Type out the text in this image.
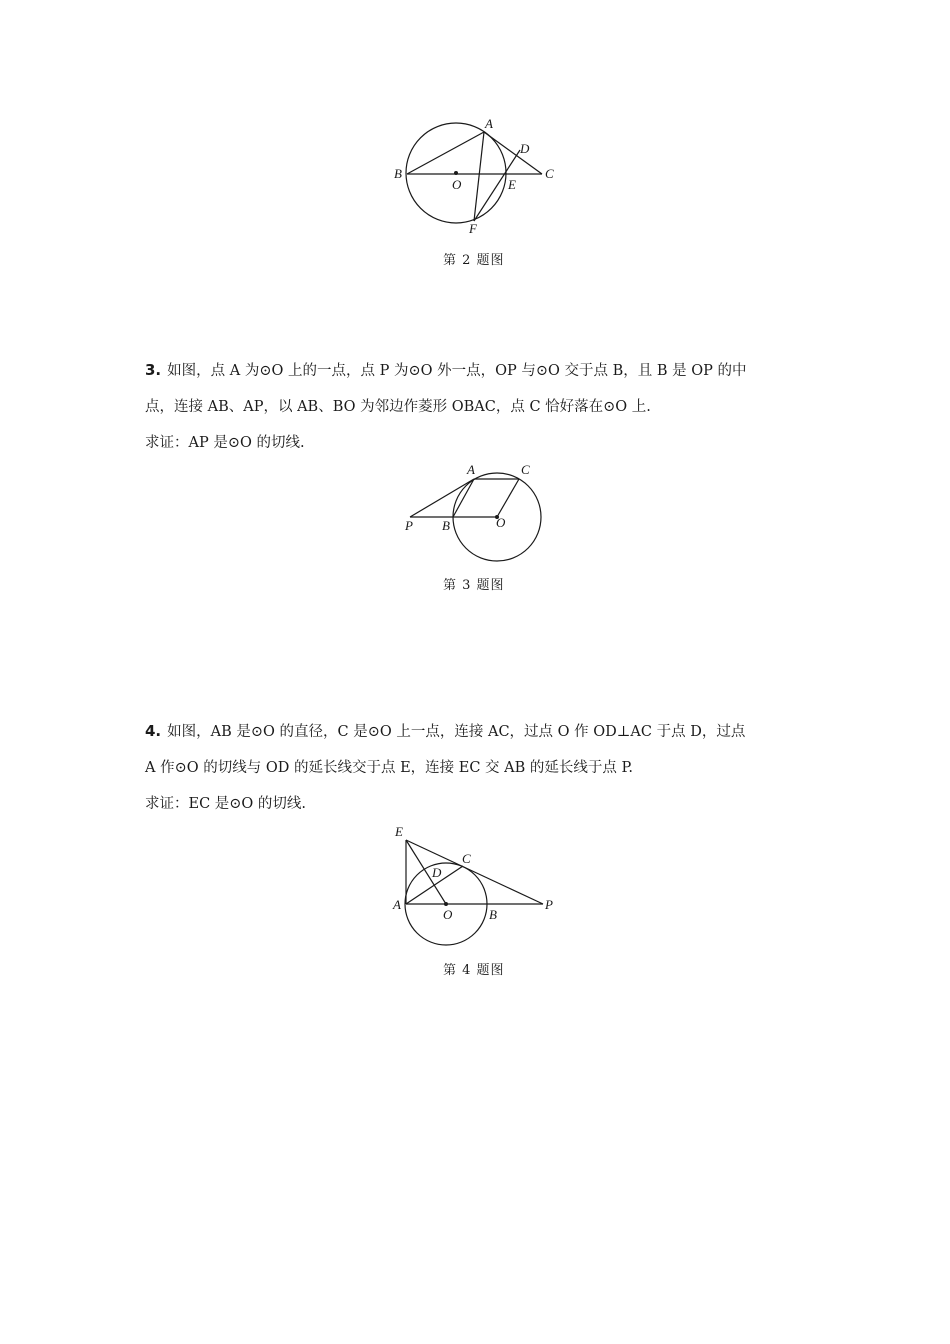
A
B
O	E
C
D
F
第 2 题图

3. 如图，点 A 为⊙O 上的一点，点 P 为⊙O 外一点，OP 与⊙O 交于点 B，且 B 是 OP 的中

点，连接 AB、AP，以 AB、BO 为邻边作菱形 OBAC，点 C 恰好落在⊙O 上.

求证：AP 是⊙O 的切线.

A	C
P B	O
第 3 题图

4. 如图，AB 是⊙O 的直径，C 是⊙O 上一点，连接 AC，过点 O 作 OD⊥AC 于点 D，过点

A 作⊙O 的切线与 OD 的延长线交于点 E，连接 EC 交 AB 的延长线于点 P.

求证：EC 是⊙O 的切线.

E
C
D
A
O	B
P
第 4 题图
